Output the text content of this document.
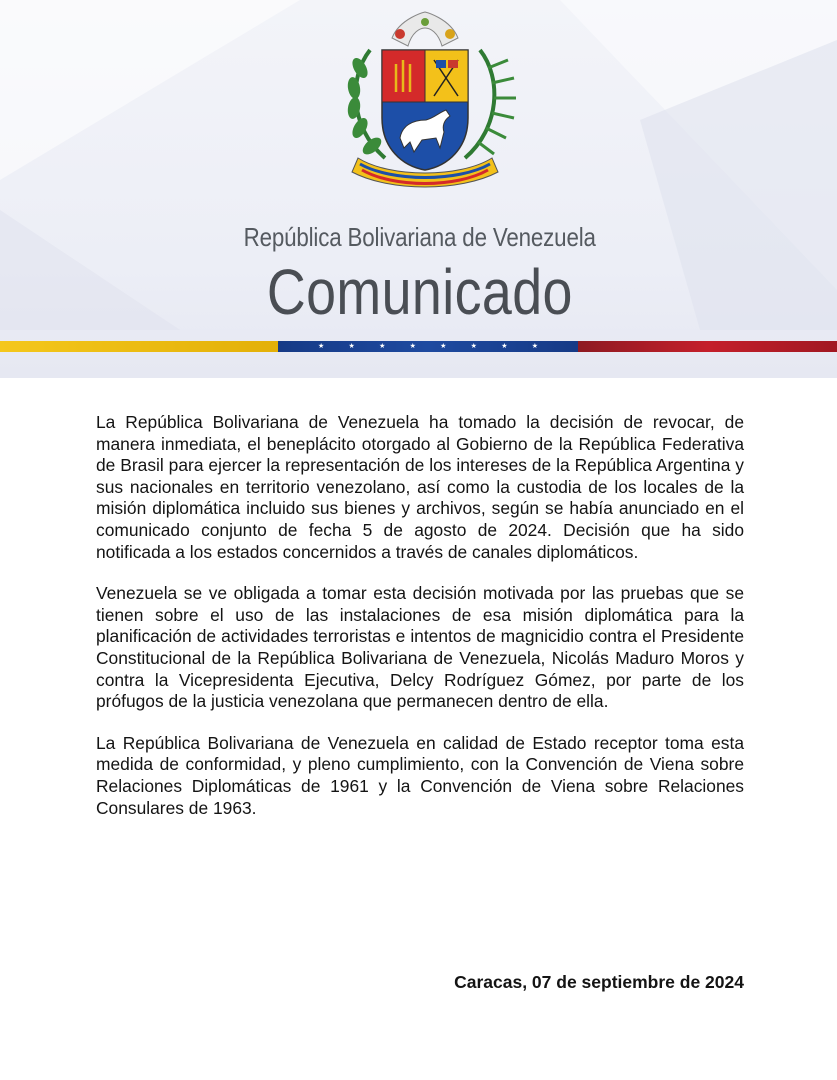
República Bolivariana de Venezuela
Comunicado
★	★	★	★	★	★	★	★

La República Bolivariana de Venezuela ha tomado la decisión de revocar, de manera inmediata, el beneplácito otorgado al Gobierno de la República Federativa de Brasil para ejercer la representación de los intereses de la República Argentina y sus nacionales en territorio venezolano, así como la custodia de los locales de la misión diplomática incluido sus bienes y archivos, según se había anunciado en el comunicado conjunto de fecha 5 de agosto de 2024. Decisión que ha sido notificada a los estados concernidos a través de canales diplomáticos.

Venezuela se ve obligada a tomar esta decisión motivada por las pruebas que se tienen sobre el uso de las instalaciones de esa misión diplomática para la planificación de actividades terroristas e intentos de magnicidio contra el Presidente Constitucional de la República Bolivariana de Venezuela, Nicolás Maduro Moros y contra la Vicepresidenta Ejecutiva, Delcy Rodríguez Gómez, por parte de los prófugos de la justicia venezolana que permanecen dentro de ella.

La República Bolivariana de Venezuela en calidad de Estado receptor toma esta medida de conformidad, y pleno cumplimiento, con la Convención de Viena sobre Relaciones Diplomáticas de 1961 y la Convención de Viena sobre Relaciones Consulares de 1963.

Caracas, 07 de septiembre de 2024
